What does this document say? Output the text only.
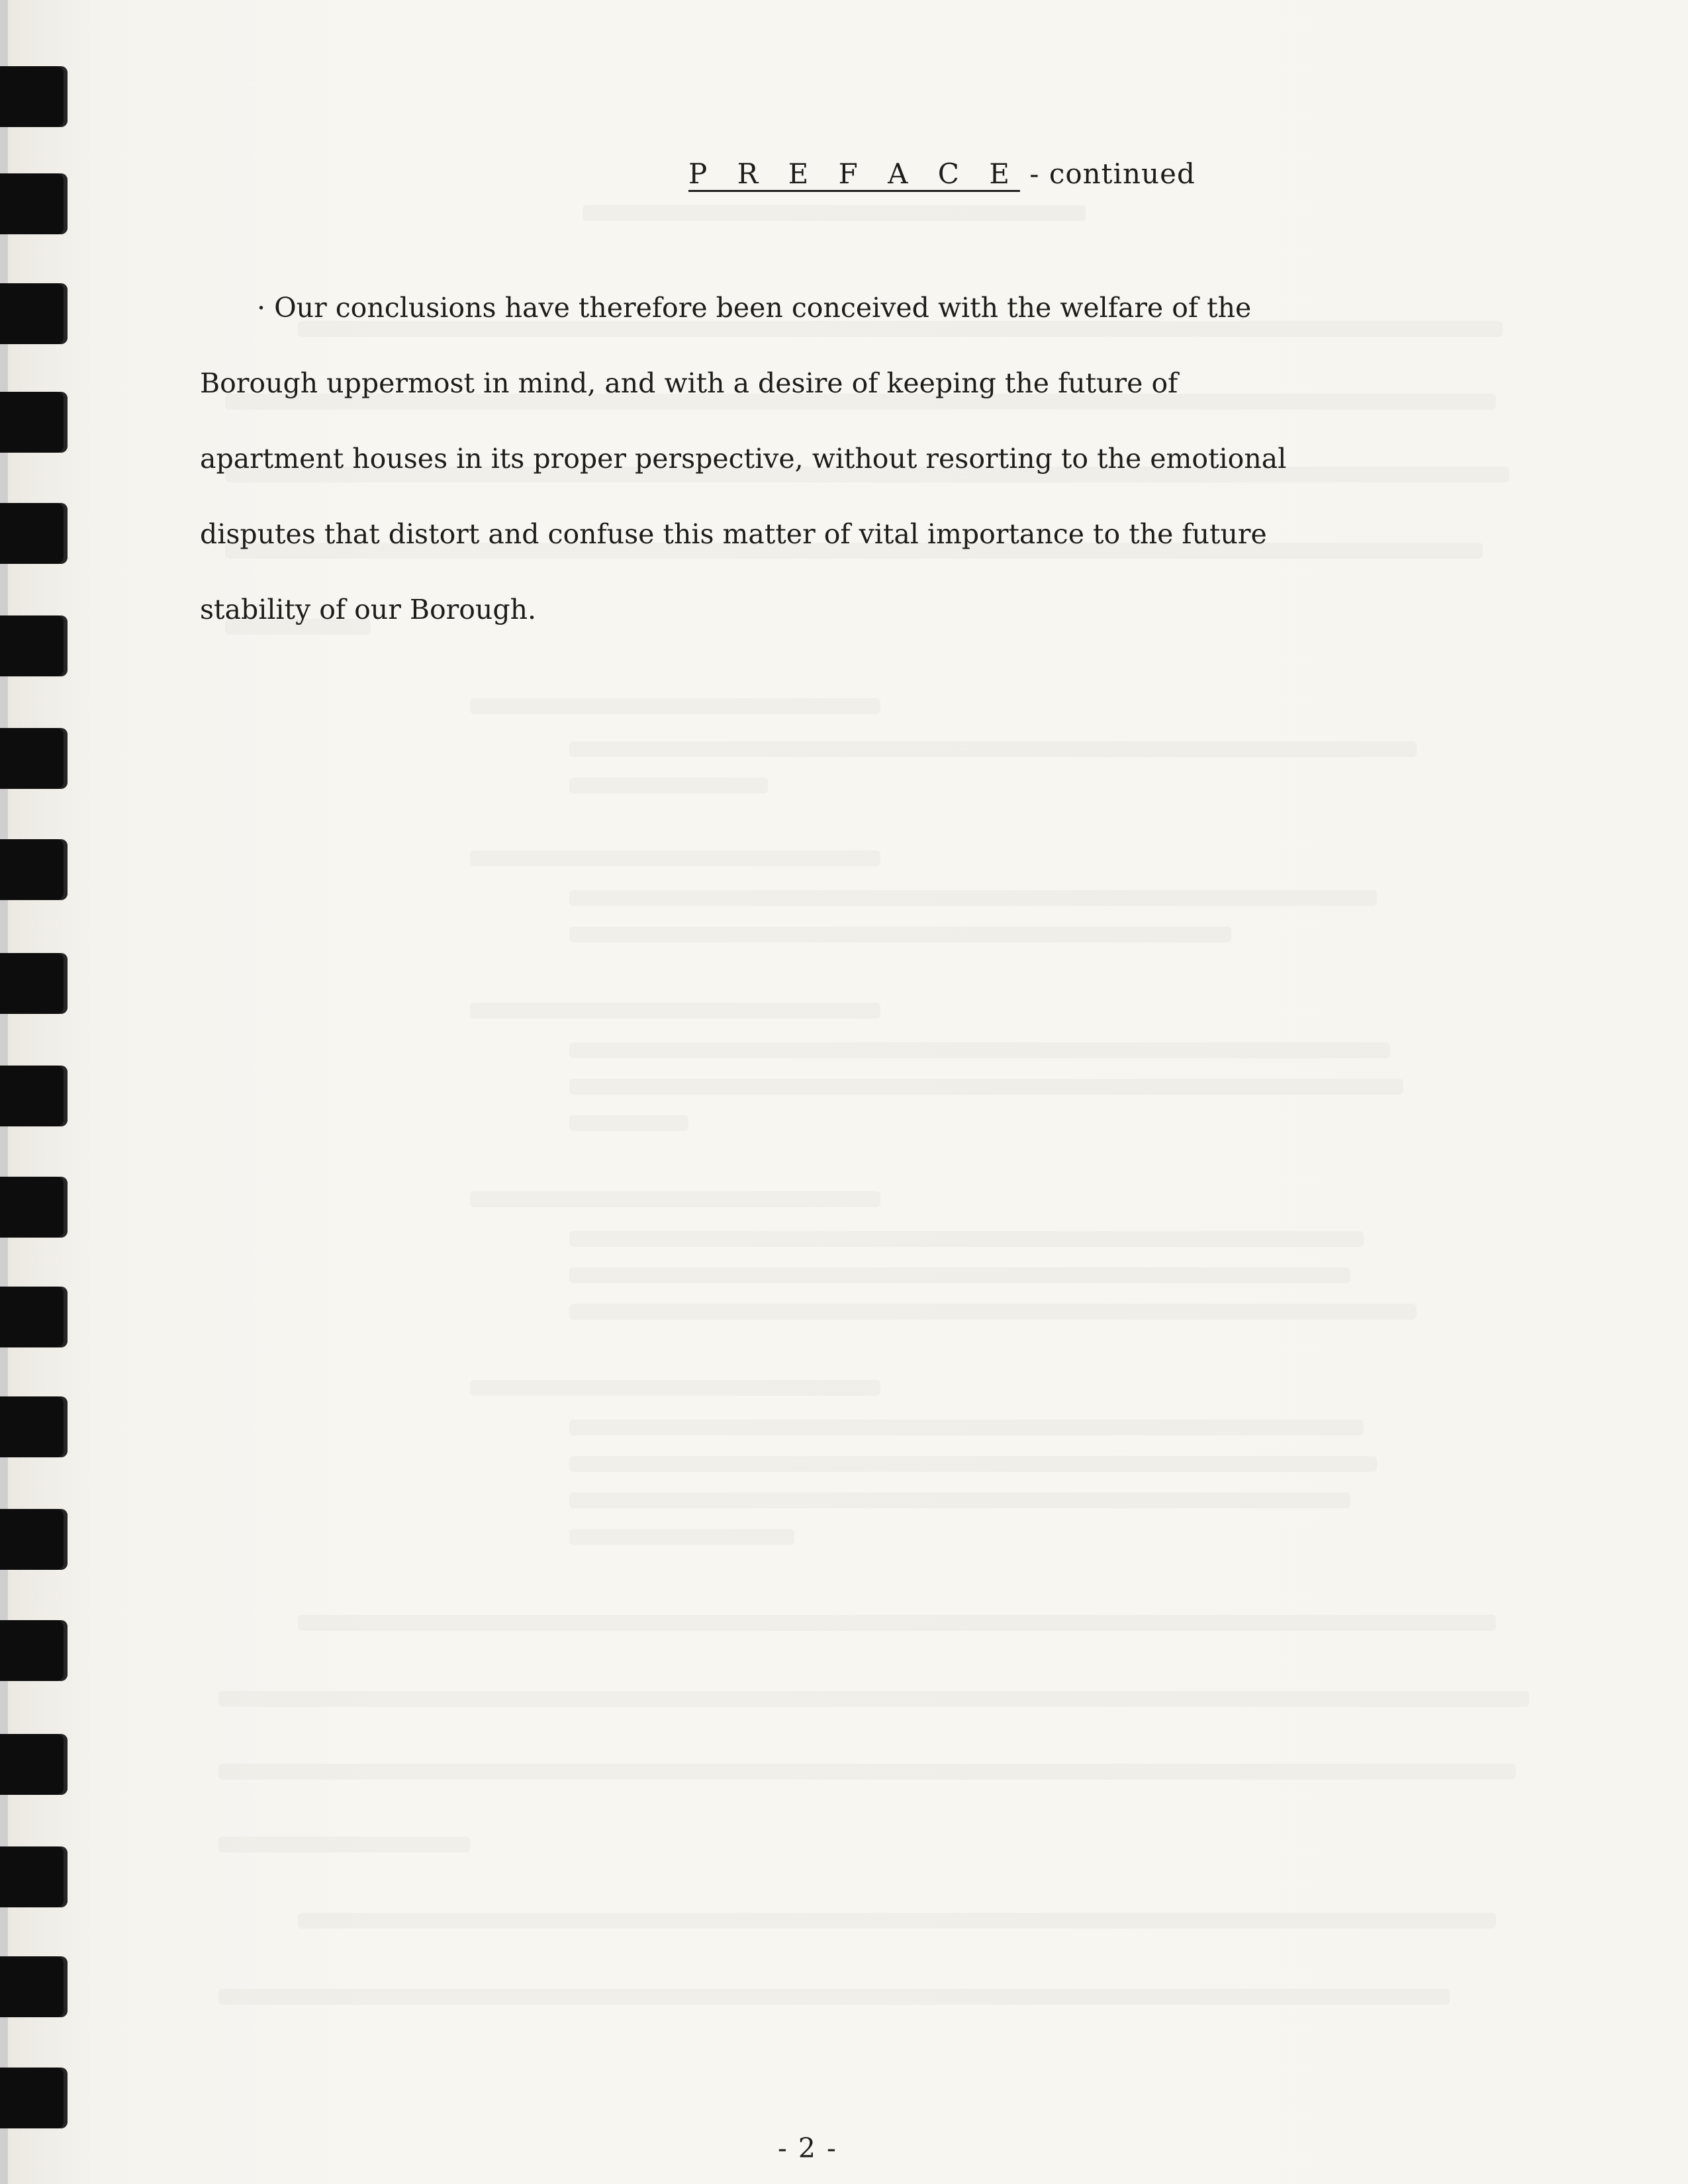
P R E F A C E - continued

· Our conclusions have therefore been conceived with the welfare of the
Borough uppermost in mind, and with a desire of keeping the future of
apartment houses in its proper perspective, without resorting to the emotional
disputes that distort and confuse this matter of vital importance to the future
stability of our Borough.

- 2 -
